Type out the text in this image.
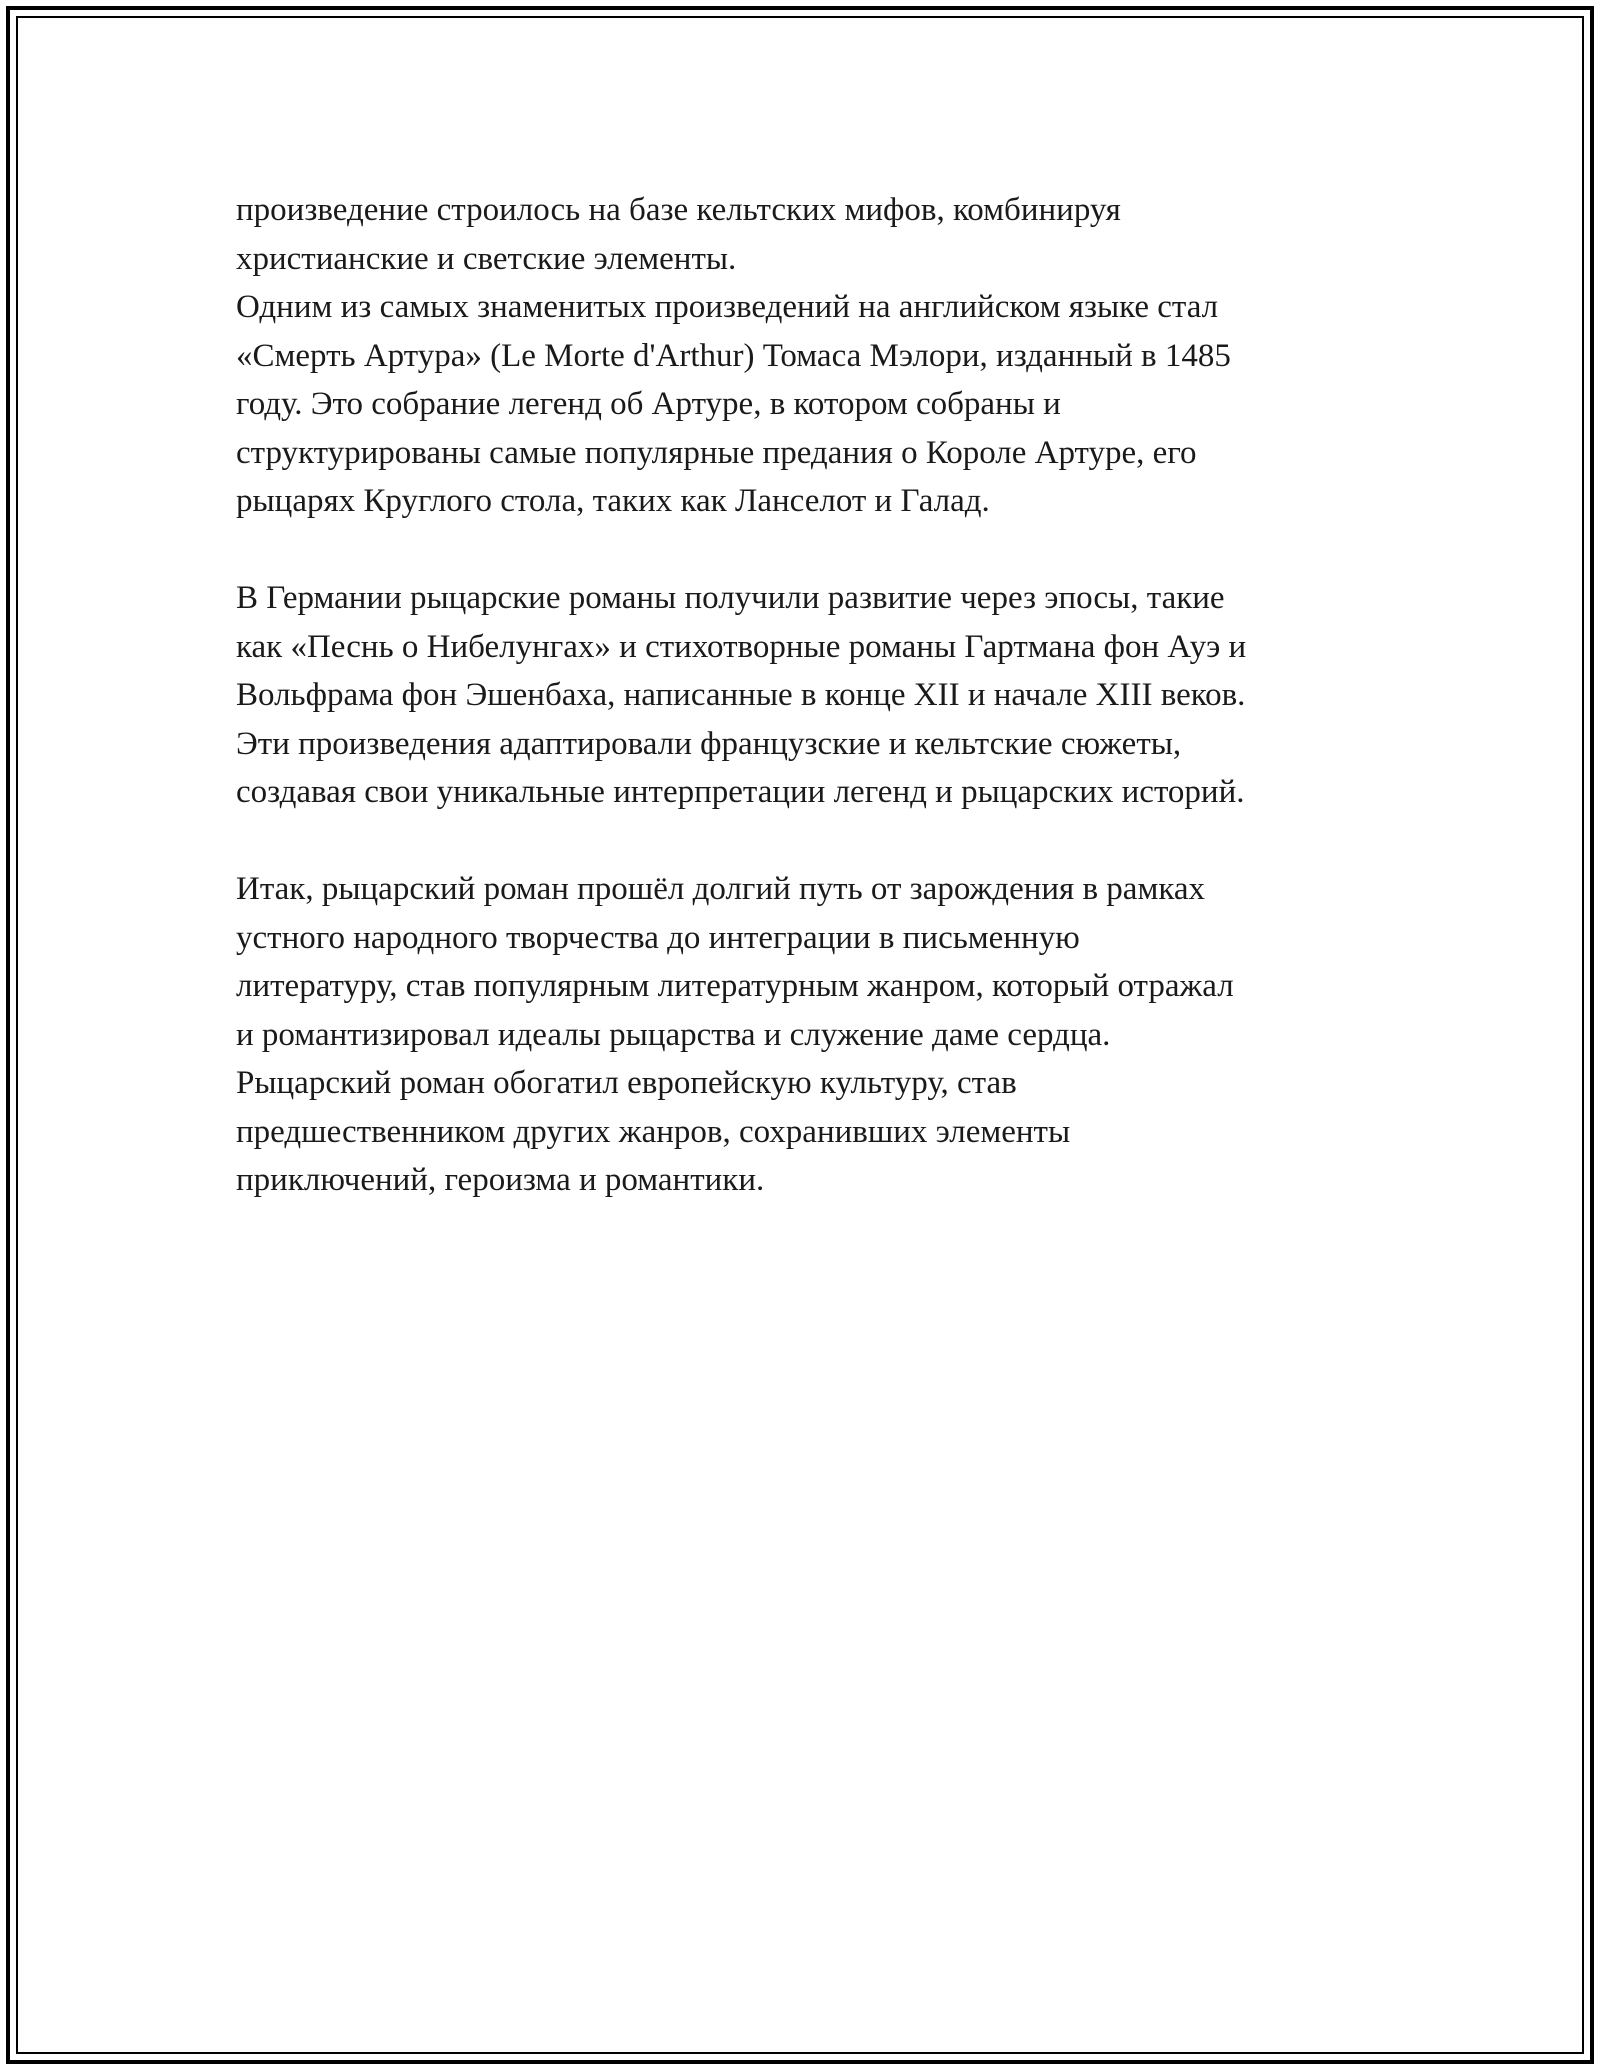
произведение строилось на базе кельтских мифов, комбинируя
христианские и светские элементы.
Одним из самых знаменитых произведений на английском языке стал
«Смерть Артура» (Le Morte d'Arthur) Томаса Мэлори, изданный в 1485
году. Это собрание легенд об Артуре, в котором собраны и
структурированы самые популярные предания о Короле Артуре, его
рыцарях Круглого стола, таких как Ланселот и Галад.
В Германии рыцарские романы получили развитие через эпосы, такие
как «Песнь о Нибелунгах» и стихотворные романы Гартмана фон Ауэ и
Вольфрама фон Эшенбаха, написанные в конце XII и начале XIII веков.
Эти произведения адаптировали французские и кельтские сюжеты,
создавая свои уникальные интерпретации легенд и рыцарских историй.
Итак, рыцарский роман прошёл долгий путь от зарождения в рамках
устного народного творчества до интеграции в письменную
литературу, став популярным литературным жанром, который отражал
и романтизировал идеалы рыцарства и служение даме сердца.
Рыцарский роман обогатил европейскую культуру, став
предшественником других жанров, сохранивших элементы
приключений, героизма и романтики.
